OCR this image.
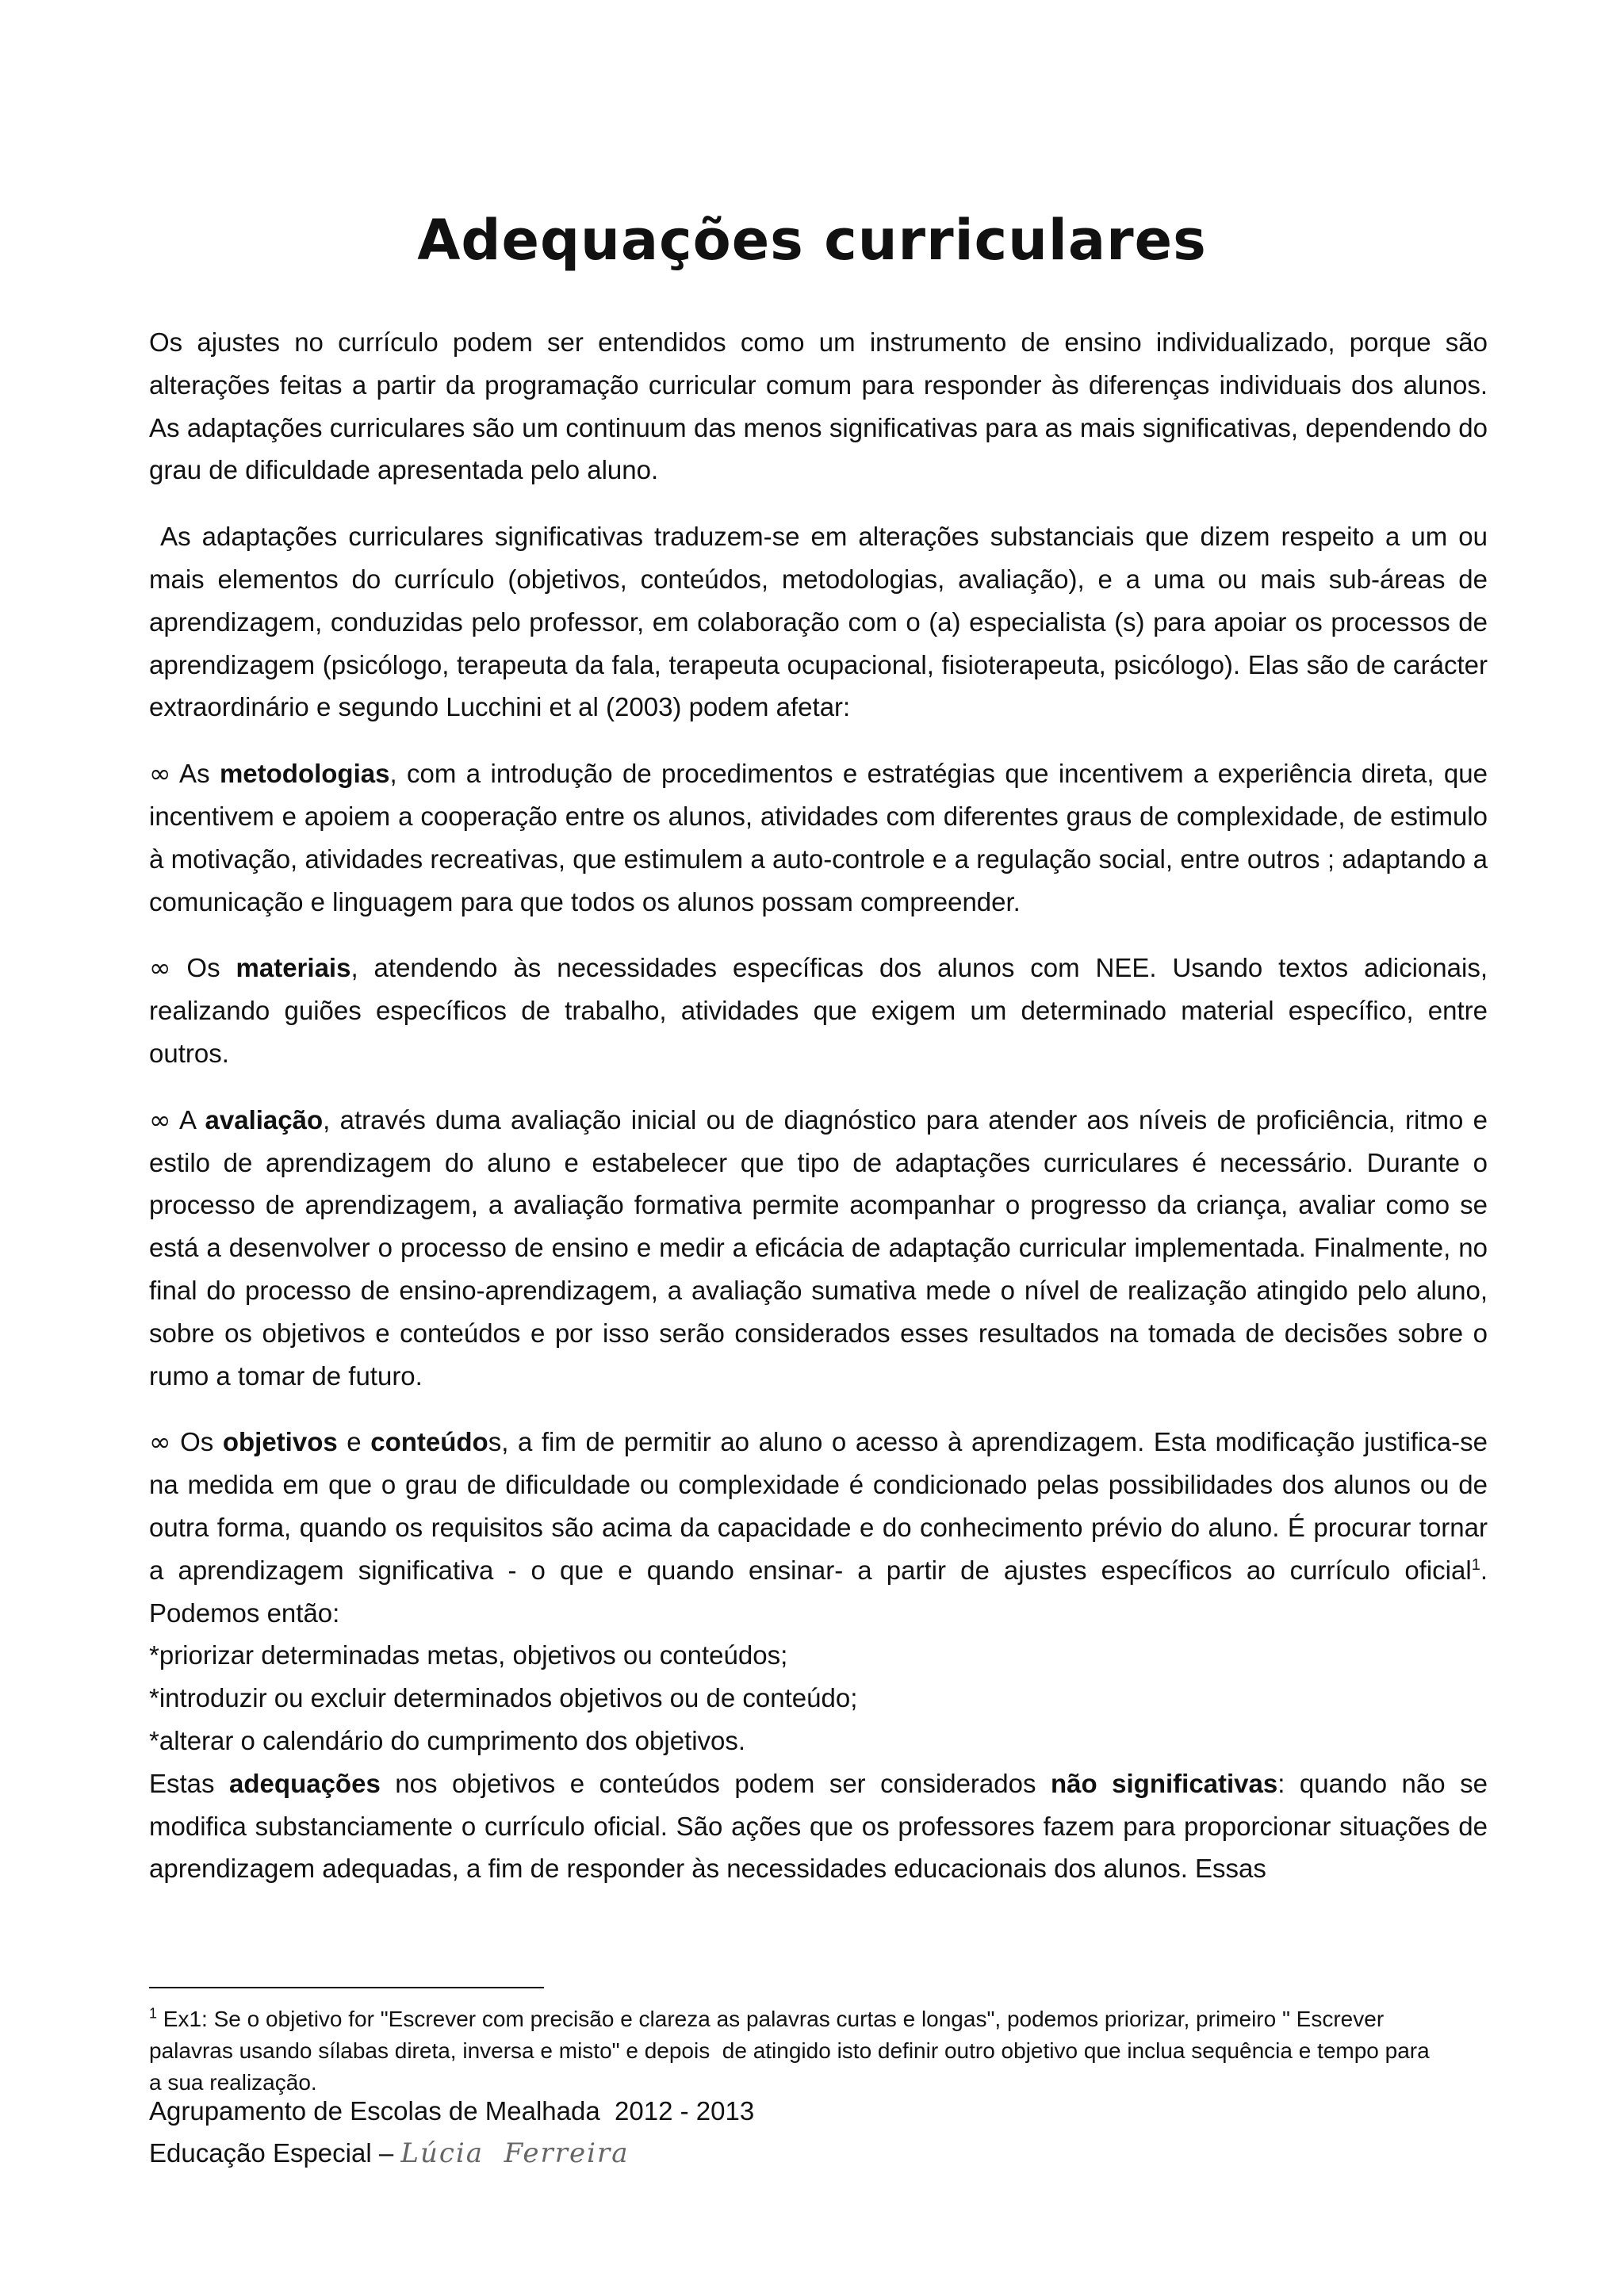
Adequações curriculares

Os ajustes no currículo podem ser entendidos como um instrumento de ensino individualizado, porque são alterações feitas a partir da programação curricular comum para responder às diferenças individuais dos alunos. As adaptações curriculares são um continuum das menos significativas para as mais significativas, dependendo do grau de dificuldade apresentada pelo aluno.

As adaptações curriculares significativas traduzem-se em alterações substanciais que dizem respeito a um ou mais elementos do currículo (objetivos, conteúdos, metodologias, avaliação), e a uma ou mais sub-áreas de aprendizagem, conduzidas pelo professor, em colaboração com o (a) especialista (s) para apoiar os processos de aprendizagem (psicólogo, terapeuta da fala, terapeuta ocupacional, fisioterapeuta, psicólogo). Elas são de carácter extraordinário e segundo Lucchini et al (2003) podem afetar:

∞ As metodologias, com a introdução de procedimentos e estratégias que incentivem a experiência direta, que incentivem e apoiem a cooperação entre os alunos, atividades com diferentes graus de complexidade, de estimulo à motivação, atividades recreativas, que estimulem a auto-controle e a regulação social, entre outros ; adaptando a comunicação e linguagem para que todos os alunos possam compreender.

∞ Os materiais, atendendo às necessidades específicas dos alunos com NEE. Usando textos adicionais, realizando guiões específicos de trabalho, atividades que exigem um determinado material específico, entre outros.

∞ A avaliação, através duma avaliação inicial ou de diagnóstico para atender aos níveis de proficiência, ritmo e estilo de aprendizagem do aluno e estabelecer que tipo de adaptações curriculares é necessário. Durante o processo de aprendizagem, a avaliação formativa permite acompanhar o progresso da criança, avaliar como se está a desenvolver o processo de ensino e medir a eficácia de adaptação curricular implementada. Finalmente, no final do processo de ensino-aprendizagem, a avaliação sumativa mede o nível de realização atingido pelo aluno, sobre os objetivos e conteúdos e por isso serão considerados esses resultados na tomada de decisões sobre o rumo a tomar de futuro.

∞ Os objetivos e conteúdos, a fim de permitir ao aluno o acesso à aprendizagem. Esta modificação justifica-se na medida em que o grau de dificuldade ou complexidade é condicionado pelas possibilidades dos alunos ou de outra forma, quando os requisitos são acima da capacidade e do conhecimento prévio do aluno. É procurar tornar a aprendizagem significativa - o que e quando ensinar- a partir de ajustes específicos ao currículo oficial$^1$.  Podemos então:

*priorizar determinadas metas, objetivos ou conteúdos;

*introduzir ou excluir determinados objetivos ou de conteúdo;

*alterar o calendário do cumprimento dos objetivos.

Estas adequações nos objetivos e conteúdos podem ser considerados não significativas: quando não se modifica substanciamente o currículo oficial. São ações que os professores fazem para proporcionar situações de aprendizagem adequadas, a fim de responder às necessidades educacionais dos alunos. Essas

$^1$ Ex1: Se o objetivo for "Escrever com precisão e clareza as palavras curtas e longas", podemos priorizar, primeiro " Escrever palavras usando sílabas direta, inversa e misto" e depois  de atingido isto definir outro objetivo que inclua sequência e tempo para a sua realização.

Agrupamento de Escolas de Mealhada  2012 - 2013
Educação Especial – Lúcia  Ferreira
